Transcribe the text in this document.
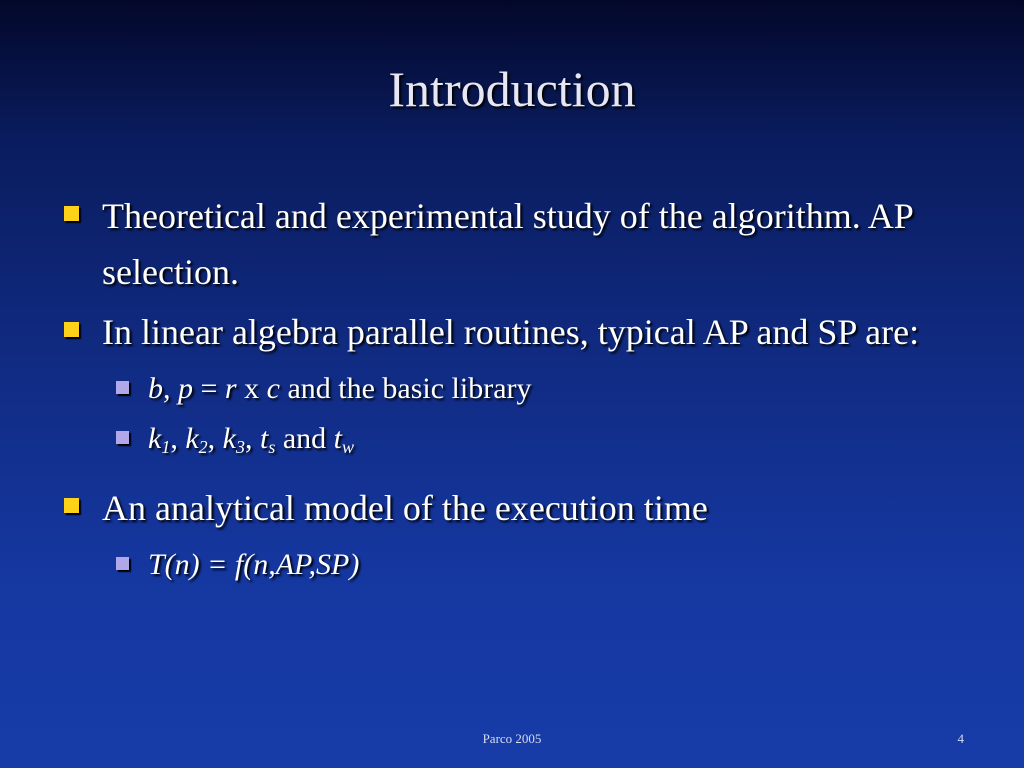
Introduction
Theoretical and experimental study of the algorithm. AP selection.
In linear algebra parallel routines, typical AP and SP are:
b, p = r x c and the basic library
$k_1$, $k_2$, $k_3$, $t_s$ and $t_w$
An analytical model of the execution time
T(n) = f(n,AP,SP)
Parco 2005	4
